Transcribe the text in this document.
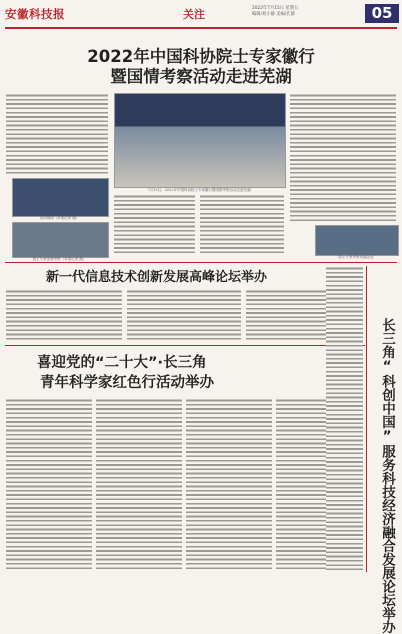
安徽科技报	关注	2022年7月15日 星期五
编辑/刘小静 美编/孔静	05
2022年中国科协院士专家徽行
暨国情考察活动走进芜湖
活动现场（本报记者 摄）
院士专家参观考察（本报记者 摄）
7月13日，2022年中国科协院士专家徽行暨国情考察活动走进芜湖
院士专家考察芜湖企业
新一代信息技术创新发展高峰论坛举办
喜迎党的“二十大”·长三角
青年科学家红色行活动举办	长三角“科创中国”服务科技经济融合发展论坛举办
